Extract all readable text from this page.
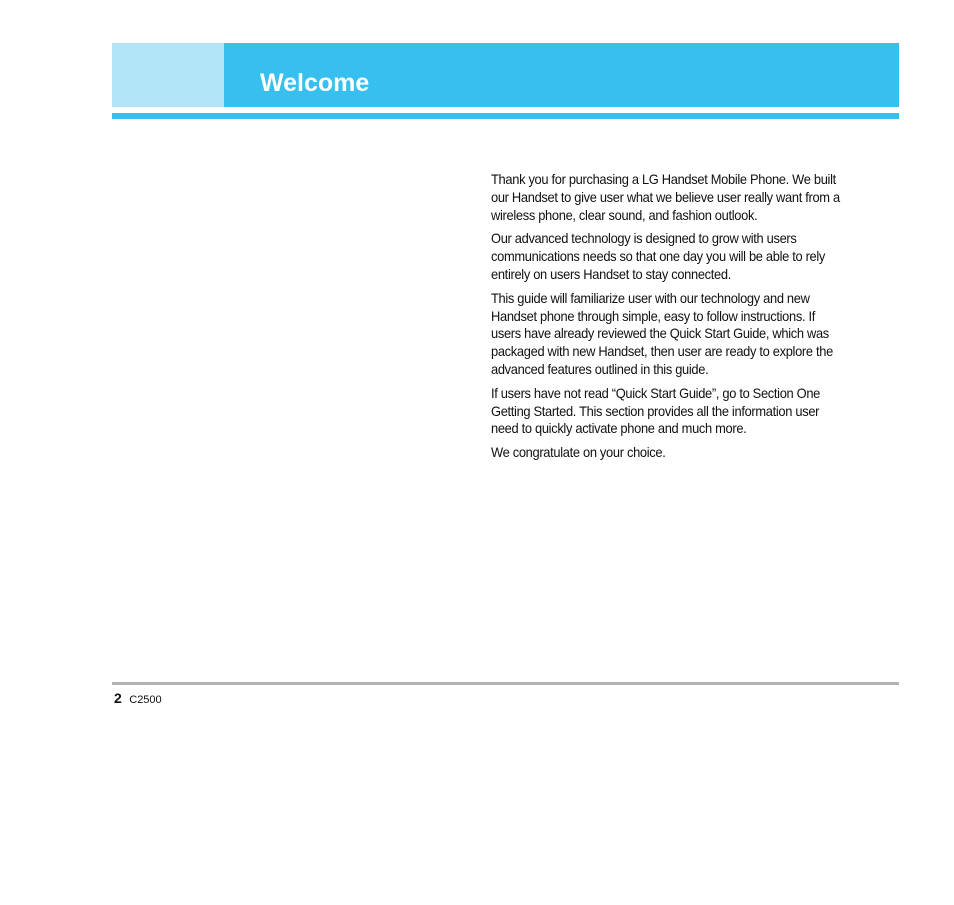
Welcome

Thank you for purchasing a LG Handset Mobile Phone. We built our Handset to give user what we believe user really want from a wireless phone, clear sound, and fashion outlook.

Our advanced technology is designed to grow with users communications needs so that one day you will be able to rely entirely on users Handset to stay connected.

This guide will familiarize user with our technology and new Handset phone through simple, easy to follow instructions. If users have already reviewed the Quick Start Guide, which was packaged with new Handset, then user are ready to explore the advanced features outlined in this guide.

If users have not read “Quick Start Guide”, go to Section One Getting Started. This section provides all the information user need to quickly activate phone and much more.

We congratulate on your choice.

2 C2500
